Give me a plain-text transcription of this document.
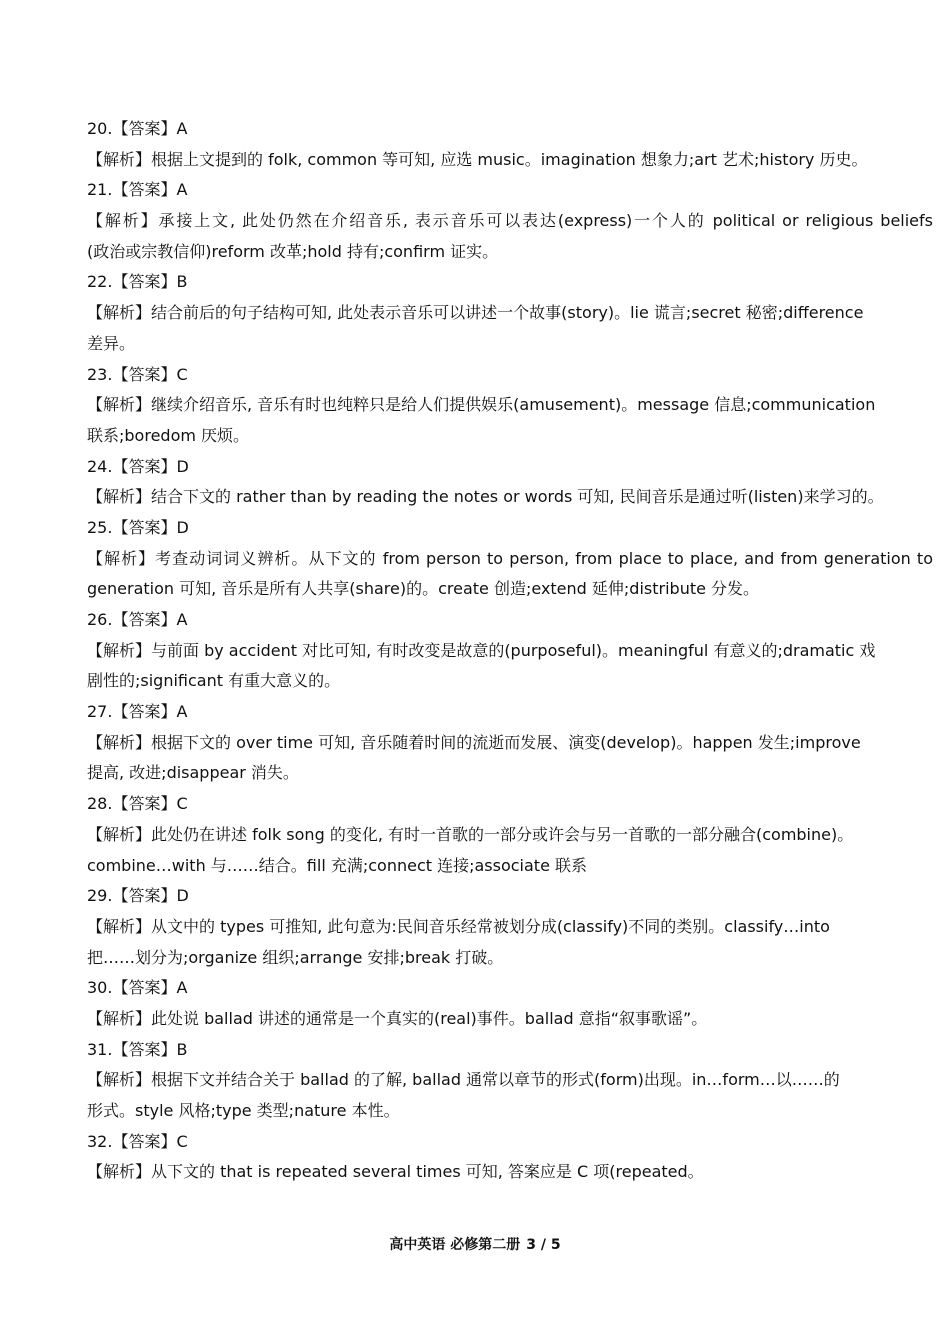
20.【答案】A
【解析】根据上文提到的 folk, common 等可知, 应选 music。imagination 想象力;art 艺术;history 历史。
21.【答案】A
【解析】承接上文, 此处仍然在介绍音乐, 表示音乐可以表达(express)一个人的 political or religious beliefs
(政治或宗教信仰)reform 改革;hold 持有;confirm 证实。
22.【答案】B
【解析】结合前后的句子结构可知, 此处表示音乐可以讲述一个故事(story)。lie 谎言;secret 秘密;difference
差异。
23.【答案】C
【解析】继续介绍音乐, 音乐有时也纯粹只是给人们提供娱乐(amusement)。message 信息;communication
联系;boredom 厌烦。
24.【答案】D
【解析】结合下文的 rather than by reading the notes or words 可知, 民间音乐是通过听(listen)来学习的。
25.【答案】D
【解析】考查动词词义辨析。从下文的 from person to person, from place to place, and from generation to
generation 可知, 音乐是所有人共享(share)的。create 创造;extend 延伸;distribute 分发。
26.【答案】A
【解析】与前面 by accident 对比可知, 有时改变是故意的(purposeful)。meaningful 有意义的;dramatic 戏
剧性的;significant 有重大意义的。
27.【答案】A
【解析】根据下文的 over time 可知, 音乐随着时间的流逝而发展、演变(develop)。happen 发生;improve
提高, 改进;disappear 消失。
28.【答案】C
【解析】此处仍在讲述 folk song 的变化, 有时一首歌的一部分或许会与另一首歌的一部分融合(combine)。
combine…with 与……结合。fill 充满;connect 连接;associate 联系
29.【答案】D
【解析】从文中的 types 可推知, 此句意为:民间音乐经常被划分成(classify)不同的类别。classify…into
把……划分为;organize 组织;arrange 安排;break 打破。
30.【答案】A
【解析】此处说 ballad 讲述的通常是一个真实的(real)事件。ballad 意指“叙事歌谣”。
31.【答案】B
【解析】根据下文并结合关于 ballad 的了解, ballad 通常以章节的形式(form)出现。in…form…以……的
形式。style 风格;type 类型;nature 本性。
32.【答案】C
【解析】从下文的 that is repeated several times 可知, 答案应是 C 项(repeated。
高中英语 必修第二册 3 / 5
